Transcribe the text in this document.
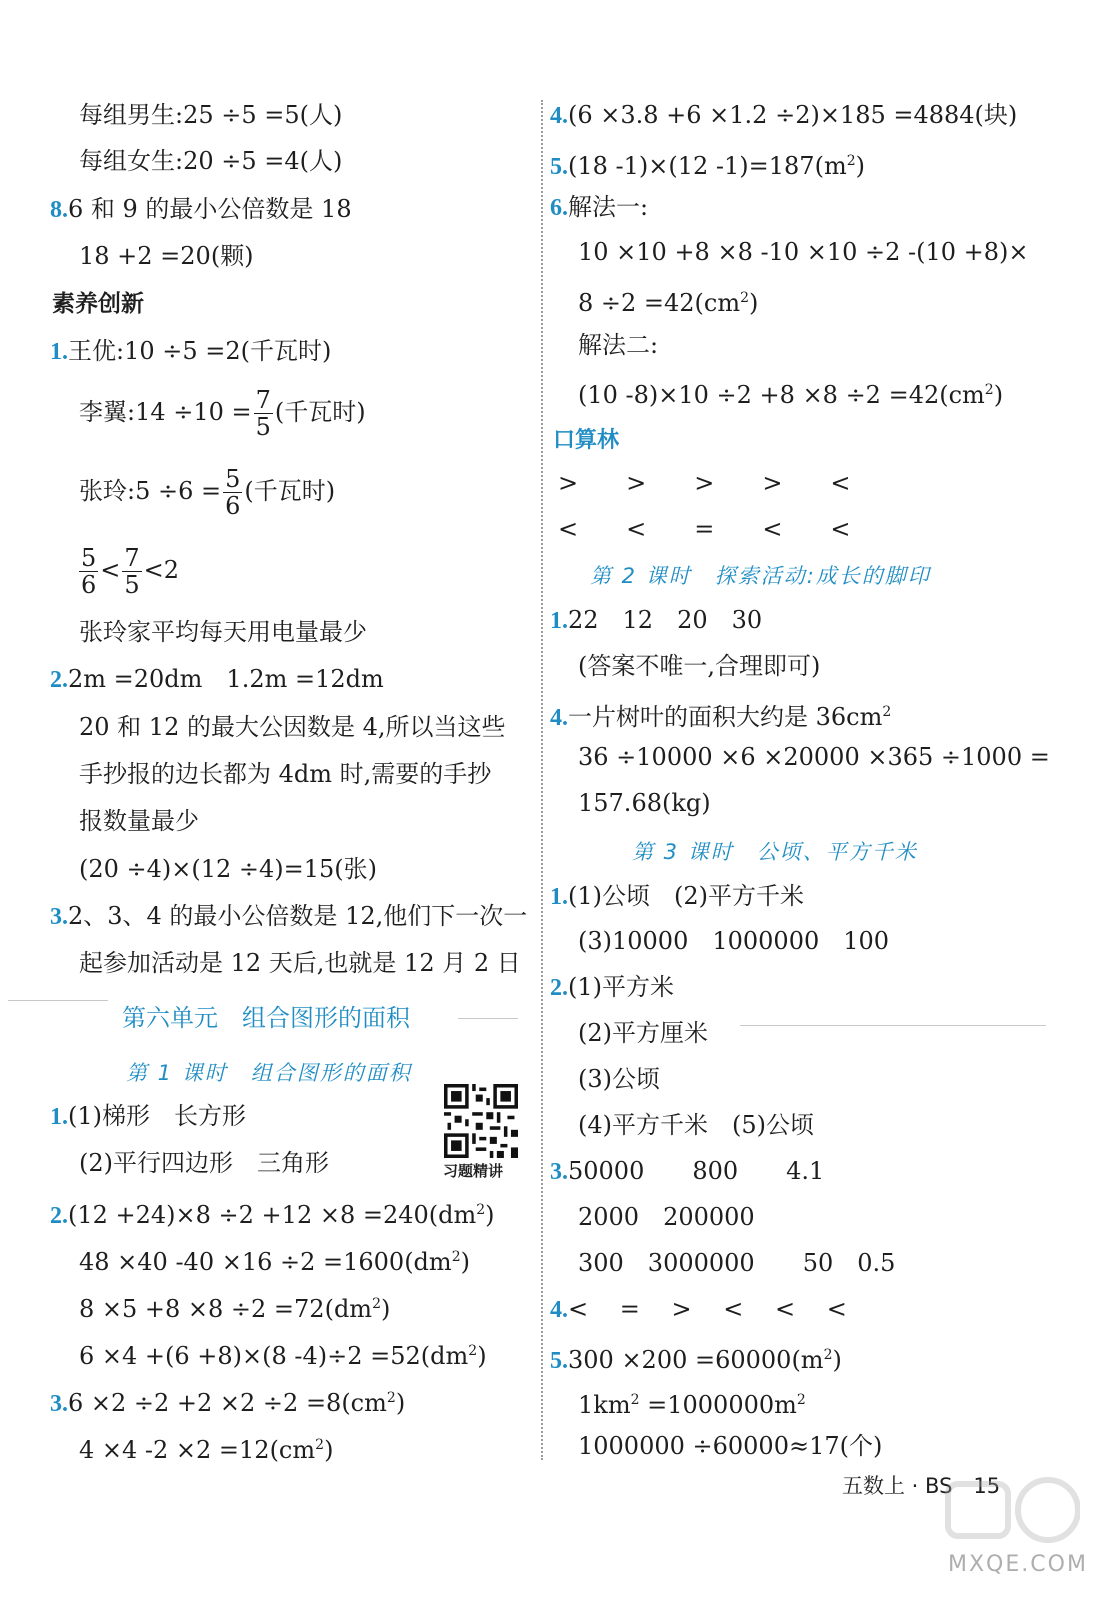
每组男生:25 ÷5 =5(人)
每组女生:20 ÷5 =4(人)
8.6 和 9 的最小公倍数是 18
18 +2 =20(颗)
素养创新
1.王优:10 ÷5 =2(千瓦时)
李翼:14 $\div 10 = \frac{7}{5}$ (千瓦时)
张玲:5 $\div 6 = \frac{5}{6}$ (千瓦时)
$\frac{5}{6} < \frac{7}{5} <2$
张玲家平均每天用电量最少
2.2m =20dm　1.2m =12dm
20 和 12 的最大公因数是 4,所以当这些
手抄报的边长都为 4dm 时,需要的手抄
报数量最少
(20 ÷4)×(12 ÷4)=15(张)
3.2、3、4 的最小公倍数是 12,他们下一次一
起参加活动是 12 天后,也就是 12 月 2 日
第六单元　组合图形的面积
第 1 课时　组合图形的面积
习题精讲
1.(1)梯形　长方形
(2)平行四边形　三角形
$2.(12 +24)\times 8 \div 2 +12 \times 8 =240(dm^2)$
48 ×40 $-40 \times 16 \div 2 =1600(dm^2)$
$8 \times 5 +8 \times 8 \div 2 =72(dm^2)$
6 ×4 +(6 +8)×(8 $-4)\div 2 =52(dm^2)$
$3.6 \times 2 \div 2 +2 \times 2 \div 2 =8(cm^2)$
4 ×4 $-2 \times 2 =12(cm^2)$
4.(6 ×3.8 +6 ×1.2 ÷2)×185 =4884(块)
5.(18 -1)×(12 $-1)=187(m^2)$
6.解法一:
10 ×10 +8 ×8 -10 ×10 ÷2 -(10 +8)×
$8 \div 2 =42(cm^2)$
解法二:
(10 $-8)\times 10 \div 2 +8 \times 8 \div 2 =42(cm^2)$
口算林
>　　>　　>　　>　　<
<　　<　　=　　<　　<
第 2 课时　探索活动:成长的脚印
1.22　12　20　30
(答案不唯一,合理即可)
4.一片树叶的面积大约是 $36cm^2$
36 ÷10000 ×6 ×20000 ×365 ÷1000 =
157.68(kg)
第 3 课时　公顷、平方千米
1.(1)公顷　(2)平方千米
(3)10000　1000000　100
2.(1)平方米
(2)平方厘米
(3)公顷
(4)平方千米　(5)公顷
3.50000　　800　　4.1
2000　200000
300　3000000　　50　0.5
4.<　 =　 >　 <　 <　 <
$5.300 \times 200 =60000(m^2)$
$1km^2 =1000000m^2$
1000000 ÷60000≈17(个)
五数上 · BS　 15
MXQE.COM
